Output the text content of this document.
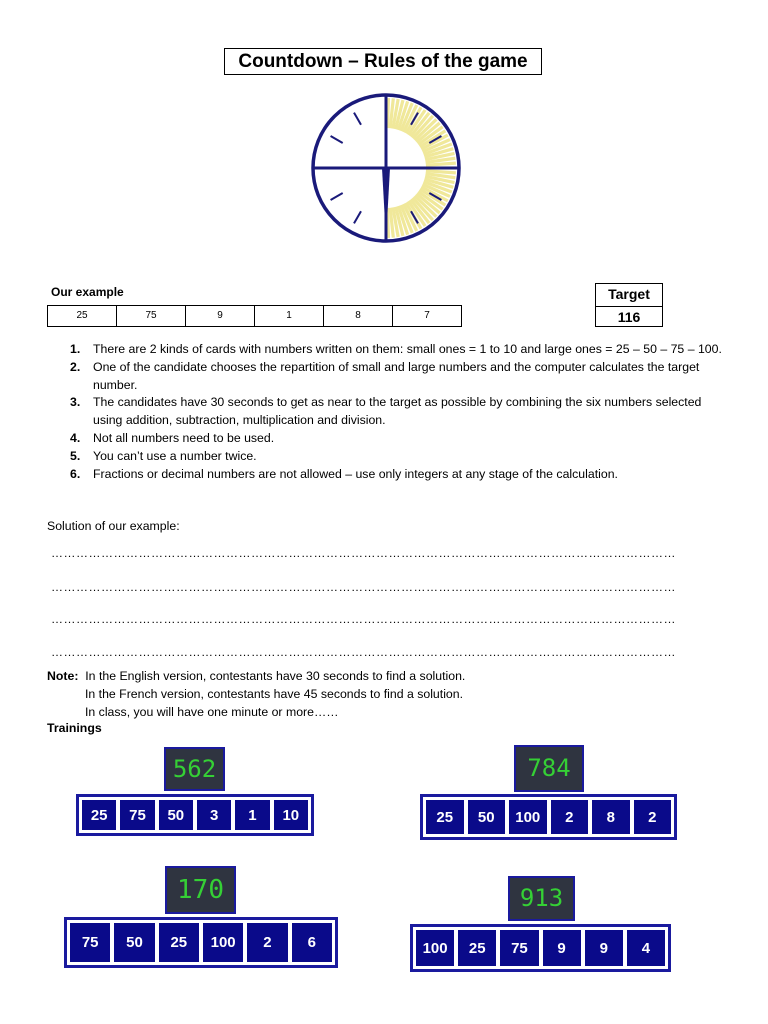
Countdown – Rules of the game
Our example
25	75	9	1	8	7
Target
116
1. There are 2 kinds of cards with numbers written on them: small ones = 1 to 10 and large ones = 25 – 50 – 75 – 100.
2. One of the candidate chooses the repartition of small and large numbers and the computer calculates the target number.
3. The candidates have 30 seconds to get as near to the target as possible by combining the six numbers selected using addition, subtraction, multiplication and division.
4. Not all numbers need to be used.
5. You can’t use a number twice.
6. Fractions or decimal numbers are not allowed – use only integers at any stage of the calculation.
Solution of our example:
……………………………………………………………………………………………………………………………………
……………………………………………………………………………………………………………………………………
……………………………………………………………………………………………………………………………………
……………………………………………………………………………………………………………………………………
Note: In the English version, contestants have 30 seconds to find a solution.
In the French version, contestants have 45 seconds to find a solution.
In class, you will have one minute or more……
Trainings
562
25	75	50	3	1	10
784
25	50	100	2	8	2
170
75	50	25	100	2	6
913
100	25	75	9	9	4
